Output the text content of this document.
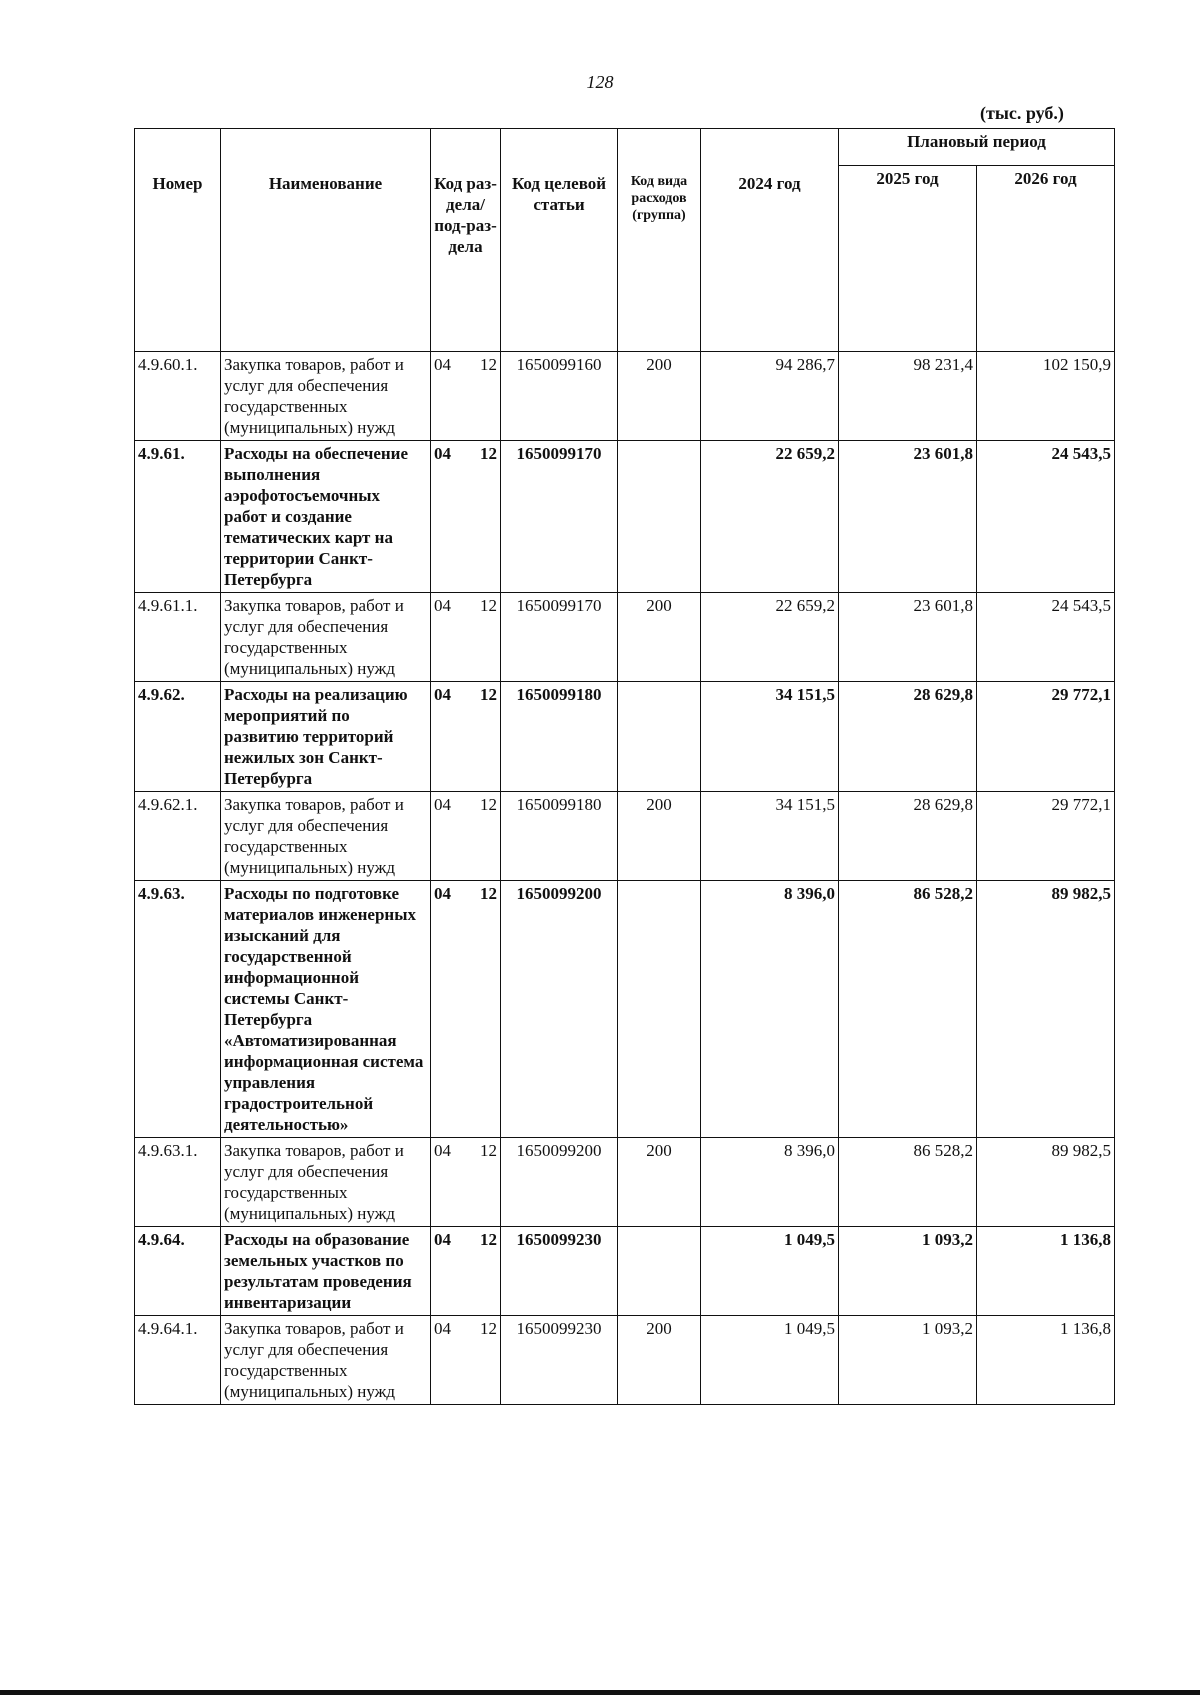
128
(тыс. руб.)
Номер	Наименование	Код раз-дела/ под-раз-дела	Код целевой статьи	Код вида расходов (группа)	2024 год	Плановый период	
						2025 год	2026 год
4.9.60.1.	Закупка товаров, работ и услуг для обеспечения государственных (муниципальных) нужд	04 12	1650099160	200	94 286,7	98 231,4	102 150,9
4.9.61.	Расходы на обеспечение выполнения аэрофотосъемочных работ и создание тематических карт на территории Санкт-Петербурга	04 12	1650099170		22 659,2	23 601,8	24 543,5
4.9.61.1.	Закупка товаров, работ и услуг для обеспечения государственных (муниципальных) нужд	04 12	1650099170	200	22 659,2	23 601,8	24 543,5
4.9.62.	Расходы на реализацию мероприятий по развитию территорий нежилых зон Санкт-Петербурга	04 12	1650099180		34 151,5	28 629,8	29 772,1
4.9.62.1.	Закупка товаров, работ и услуг для обеспечения государственных (муниципальных) нужд	04 12	1650099180	200	34 151,5	28 629,8	29 772,1
4.9.63.	Расходы по подготовке материалов инженерных изысканий для государственной информационной системы Санкт-Петербурга «Автоматизированная информационная система управления градостроительной деятельностью»	04 12	1650099200		8 396,0	86 528,2	89 982,5
4.9.63.1.	Закупка товаров, работ и услуг для обеспечения государственных (муниципальных) нужд	04 12	1650099200	200	8 396,0	86 528,2	89 982,5
4.9.64.	Расходы на образование земельных участков по результатам проведения инвентаризации	04 12	1650099230		1 049,5	1 093,2	1 136,8
4.9.64.1.	Закупка товаров, работ и услуг для обеспечения государственных (муниципальных) нужд	04 12	1650099230	200	1 049,5	1 093,2	1 136,8
